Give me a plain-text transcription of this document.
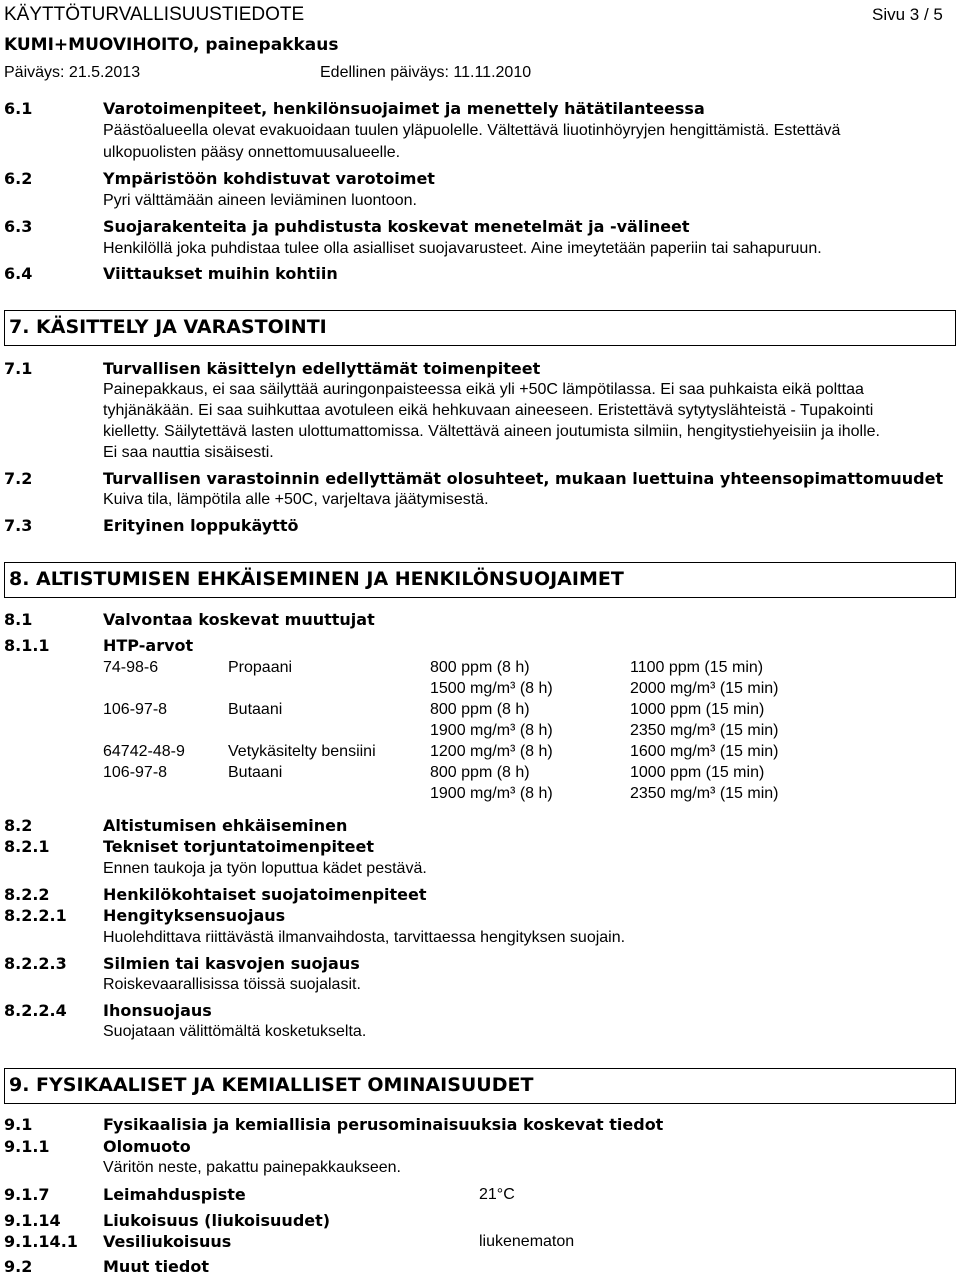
KÄYTTÖTURVALLISUUSTIEDOTE	Sivu 3 / 5
KUMI+MUOVIHOITO, painepakkaus
Päiväys: 21.5.2013	Edellinen päiväys: 11.11.2010
6.1	Varotoimenpiteet, henkilönsuojaimet ja menettely hätätilanteessa
Päästöalueella olevat evakuoidaan tuulen yläpuolelle. Vältettävä liuotinhöyryjen hengittämistä. Estettävä
ulkopuolisten pääsy onnettomuusalueelle.
6.2	Ympäristöön kohdistuvat varotoimet
Pyri välttämään aineen leviäminen luontoon.
6.3	Suojarakenteita ja puhdistusta koskevat menetelmät ja -välineet
Henkilöllä joka puhdistaa tulee olla asialliset suojavarusteet. Aine imeytetään paperiin tai sahapuruun.
6.4	Viittaukset muihin kohtiin
7. KÄSITTELY JA VARASTOINTI
7.1	Turvallisen käsittelyn edellyttämät toimenpiteet
Painepakkaus, ei saa säilyttää auringonpaisteessa eikä yli +50C lämpötilassa. Ei saa puhkaista eikä polttaa
tyhjänäkään. Ei saa suihkuttaa avotuleen eikä hehkuvaan aineeseen. Eristettävä sytytyslähteistä - Tupakointi
kielletty. Säilytettävä lasten ulottumattomissa. Vältettävä aineen joutumista silmiin, hengitystiehyeisiin ja iholle.
Ei saa nauttia sisäisesti.
7.2	Turvallisen varastoinnin edellyttämät olosuhteet, mukaan luettuina yhteensopimattomuudet
Kuiva tila, lämpötila alle +50C, varjeltava jäätymisestä.
7.3	Erityinen loppukäyttö
8. ALTISTUMISEN EHKÄISEMINEN JA HENKILÖNSUOJAIMET
8.1	Valvontaa koskevat muuttujat
8.1.1	HTP-arvot
74-98-6	Propaani	800 ppm (8 h)	1100 ppm (15 min)
1500 mg/m³ (8 h)	2000 mg/m³ (15 min)
106-97-8	Butaani	800 ppm (8 h)	1000 ppm (15 min)
1900 mg/m³ (8 h)	2350 mg/m³ (15 min)
64742-48-9	Vetykäsitelty bensiini	1200 mg/m³ (8 h)	1600 mg/m³ (15 min)
106-97-8	Butaani	800 ppm (8 h)	1000 ppm (15 min)
1900 mg/m³ (8 h)	2350 mg/m³ (15 min)
8.2	Altistumisen ehkäiseminen
8.2.1	Tekniset torjuntatoimenpiteet
Ennen taukoja ja työn loputtua kädet pestävä.
8.2.2	Henkilökohtaiset suojatoimenpiteet
8.2.2.1 Hengityksensuojaus
Huolehdittava riittävästä ilmanvaihdosta, tarvittaessa hengityksen suojain.
8.2.2.3 Silmien tai kasvojen suojaus
Roiskevaarallisissa töissä suojalasit.
8.2.2.4 Ihonsuojaus
Suojataan välittömältä kosketukselta.
9. FYSIKAALISET JA KEMIALLISET OMINAISUUDET
9.1	Fysikaalisia ja kemiallisia perusominaisuuksia koskevat tiedot
9.1.1	Olomuoto
Väritön neste, pakattu painepakkaukseen.
9.1.7	Leimahduspiste	21°C
9.1.14	Liukoisuus (liukoisuudet)
9.1.14.1 Vesiliukoisuus	liukenematon
9.2	Muut tiedot
